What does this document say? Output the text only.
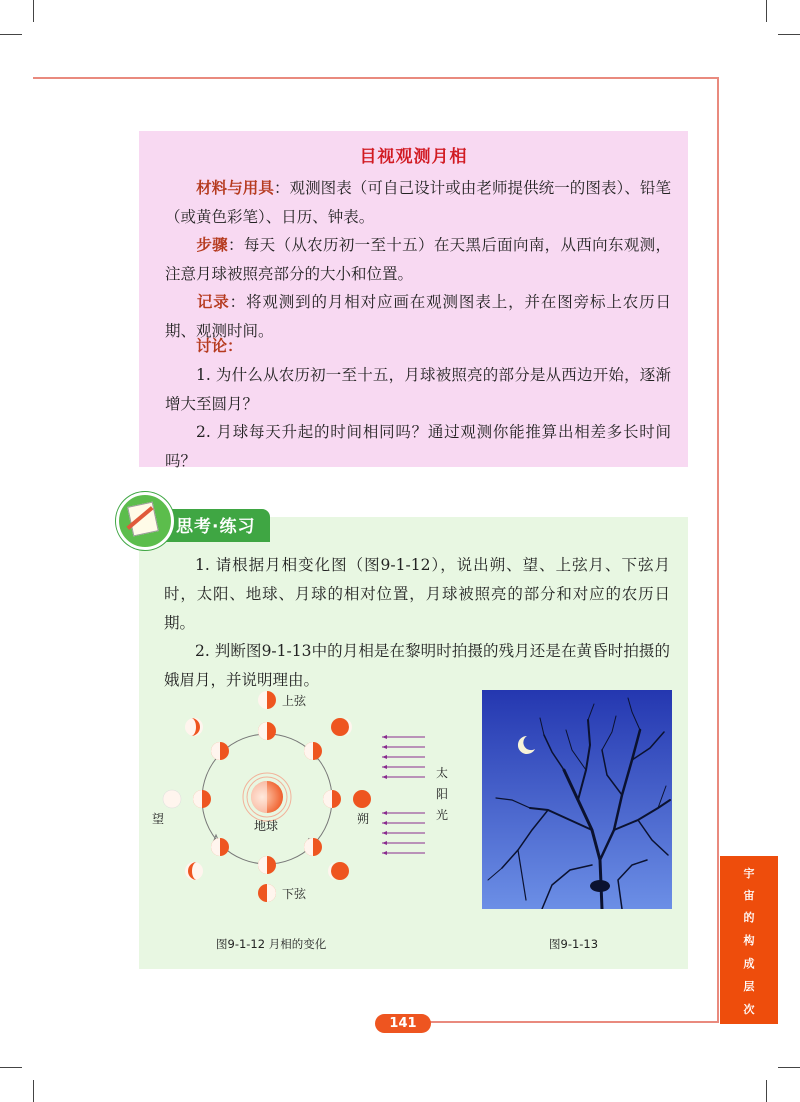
目视观测月相
材料与用具：观测图表（可自己设计或由老师提供统一的图表）、铅笔（或黄色彩笔）、日历、钟表。
步骤：每天（从农历初一至十五）在天黑后面向南，从西向东观测，注意月球被照亮部分的大小和位置。
记录：将观测到的月相对应画在观测图表上，并在图旁标上农历日期、观测时间。
讨论：
1. 为什么从农历初一至十五，月球被照亮的部分是从西边开始，逐渐增大至圆月？
2. 月球每天升起的时间相同吗？通过观测你能推算出相差多长时间吗？
思考·练习
1. 请根据月相变化图（图9-1-12），说出朔、望、上弦月、下弦月时，太阳、地球、月球的相对位置，月球被照亮的部分和对应的农历日期。
2. 判断图9-1-13中的月相是在黎明时拍摄的残月还是在黄昏时拍摄的娥眉月，并说明理由。
上弦
下弦
望	朔
地球
太
阳
光
图9-1-12 月相的变化	图9-1-13
宇
宙
的
构
成
层
次
141
